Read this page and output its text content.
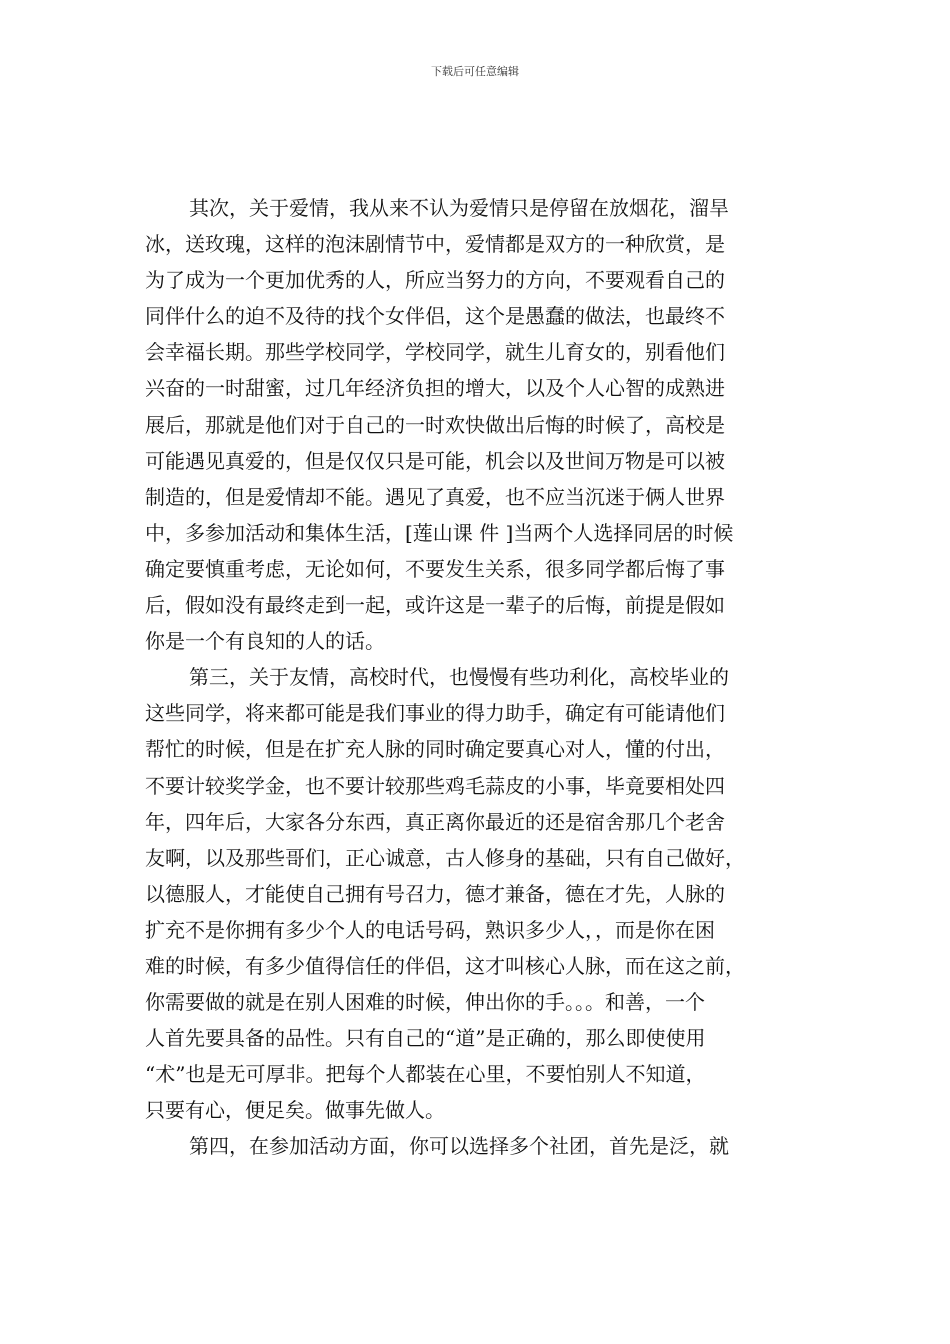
下载后可任意编辑
其次，关于爱情，我从来不认为爱情只是停留在放烟花，溜旱
冰，送玫瑰，这样的泡沫剧情节中，爱情都是双方的一种欣赏，是
为了成为一个更加优秀的人，所应当努力的方向，不要观看自己的
同伴什么的迫不及待的找个女伴侣，这个是愚蠢的做法，也最终不
会幸福长期。那些学校同学，学校同学，就生儿育女的，别看他们
兴奋的一时甜蜜，过几年经济负担的增大，以及个人心智的成熟进
展后，那就是他们对于自己的一时欢快做出后悔的时候了，高校是
可能遇见真爱的，但是仅仅只是可能，机会以及世间万物是可以被
制造的，但是爱情却不能。遇见了真爱，也不应当沉迷于俩人世界
中，多参加活动和集体生活，[莲山课 件 ]当两个人选择同居的时候
确定要慎重考虑，无论如何，不要发生关系，很多同学都后悔了事
后，假如没有最终走到一起，或许这是一辈子的后悔，前提是假如
你是一个有良知的人的话。
第三，关于友情，高校时代，也慢慢有些功利化，高校毕业的
这些同学，将来都可能是我们事业的得力助手，确定有可能请他们
帮忙的时候，但是在扩充人脉的同时确定要真心对人，懂的付出，
不要计较奖学金，也不要计较那些鸡毛蒜皮的小事，毕竟要相处四
年，四年后，大家各分东西，真正离你最近的还是宿舍那几个老舍
友啊，以及那些哥们，正心诚意，古人修身的基础，只有自己做好，
以德服人，才能使自己拥有号召力，德才兼备，德在才先，人脉的
扩充不是你拥有多少个人的电话号码，熟识多少人，，而是你在困
难的时候，有多少值得信任的伴侣，这才叫核心人脉，而在这之前，
你需要做的就是在别人困难的时候，伸出你的手。。。和善，一个
人首先要具备的品性。只有自己的“道”是正确的，那么即使使用
“术”也是无可厚非。把每个人都装在心里，不要怕别人不知道，
只要有心，便足矣。做事先做人。
第四，在参加活动方面，你可以选择多个社团，首先是泛，就
